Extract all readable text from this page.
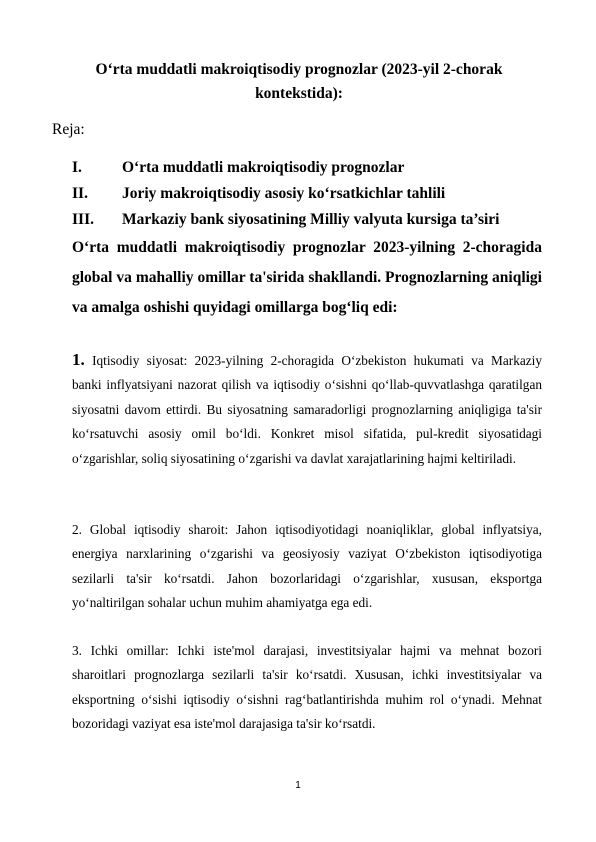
O‘rta muddatli makroiqtisodiy prognozlar (2023-yil 2-chorak kontekstida):
Reja:
I.	O‘rta muddatli makroiqtisodiy prognozlar
II.	Joriy makroiqtisodiy asosiy ko‘rsatkichlar tahlili
III.	Markaziy bank siyosatining Milliy valyuta kursiga ta’siri
O‘rta muddatli makroiqtisodiy prognozlar 2023-yilning 2-choragida global va mahalliy omillar ta'sirida shakllandi. Prognozlarning aniqligi va amalga oshishi quyidagi omillarga bog‘liq edi:
1. Iqtisodiy siyosat: 2023-yilning 2-choragida O‘zbekiston hukumati va Markaziy banki inflyatsiyani nazorat qilish va iqtisodiy o‘sishni qo‘llab-quvvatlashga qaratilgan siyosatni davom ettirdi. Bu siyosatning samaradorligi prognozlarning aniqligiga ta'sir ko‘rsatuvchi asosiy omil bo‘ldi. Konkret misol sifatida, pul-kredit siyosatidagi o‘zgarishlar, soliq siyosatining o‘zgarishi va davlat xarajatlarining hajmi keltiriladi.
2. Global iqtisodiy sharoit: Jahon iqtisodiyotidagi noaniqliklar, global inflyatsiya, energiya narxlarining o‘zgarishi va geosiyosiy vaziyat O‘zbekiston iqtisodiyotiga sezilarli ta'sir ko‘rsatdi. Jahon bozorlaridagi o‘zgarishlar, xususan, eksportga yo‘naltirilgan sohalar uchun muhim ahamiyatga ega edi.
3. Ichki omillar: Ichki iste'mol darajasi, investitsiyalar hajmi va mehnat bozori sharoitlari prognozlarga sezilarli ta'sir ko‘rsatdi. Xususan, ichki investitsiyalar va eksportning o‘sishi iqtisodiy o‘sishni rag‘batlantirishda muhim rol o‘ynadi. Mehnat bozoridagi vaziyat esa iste'mol darajasiga ta'sir ko‘rsatdi.
1
